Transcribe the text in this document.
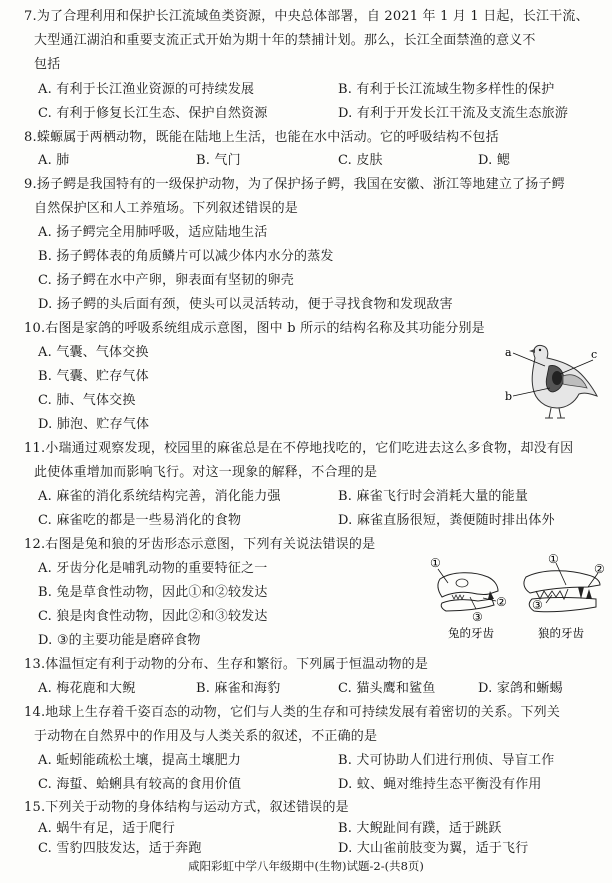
7.为了合理利用和保护长江流域鱼类资源，中央总体部署，自 2021 年 1 月 1 日起，长江干流、
大型通江湖泊和重要支流正式开始为期十年的禁捕计划。那么，长江全面禁渔的意义不
包括
A. 有利于长江渔业资源的可持续发展	B. 有利于长江流域生物多样性的保护
C. 有利于修复长江生态、保护自然资源	D. 有利于开发长江干流及支流生态旅游
8.蝾螈属于两栖动物，既能在陆地上生活，也能在水中活动。它的呼吸结构不包括
A. 肺	B. 气门	C. 皮肤	D. 鳃
9.扬子鳄是我国特有的一级保护动物，为了保护扬子鳄，我国在安徽、浙江等地建立了扬子鳄
自然保护区和人工养殖场。下列叙述错误的是
A. 扬子鳄完全用肺呼吸，适应陆地生活
B. 扬子鳄体表的角质鳞片可以减少体内水分的蒸发
C. 扬子鳄在水中产卵，卵表面有坚韧的卵壳
D. 扬子鳄的头后面有颈，使头可以灵活转动，便于寻找食物和发现敌害
10.右图是家鸽的呼吸系统组成示意图，图中 b 所示的结构名称及其功能分别是
A. 气囊、气体交换
B. 气囊、贮存气体
C. 肺、气体交换
D. 肺泡、贮存气体
a
b
c
11.小瑞通过观察发现，校园里的麻雀总是在不停地找吃的，它们吃进去这么多食物，却没有因
此使体重增加而影响飞行。对这一现象的解释，不合理的是
A. 麻雀的消化系统结构完善，消化能力强	B. 麻雀飞行时会消耗大量的能量
C. 麻雀吃的都是一些易消化的食物	D. 麻雀直肠很短，粪便随时排出体外
12.右图是兔和狼的牙齿形态示意图，下列有关说法错误的是
A. 牙齿分化是哺乳动物的重要特征之一
B. 兔是草食性动物，因此①和②较发达
C. 狼是肉食性动物，因此②和③较发达
D. ③的主要功能是磨碎食物
①
②
③
兔的牙齿
①
②
③
狼的牙齿
13.体温恒定有利于动物的分布、生存和繁衍。下列属于恒温动物的是
A. 梅花鹿和大鲵	B. 麻雀和海豹	C. 猫头鹰和鲨鱼	D. 家鸽和蜥蜴
14.地球上生存着千姿百态的动物，它们与人类的生存和可持续发展有着密切的关系。下列关
于动物在自然界中的作用及与人类关系的叙述，不正确的是
A. 蚯蚓能疏松土壤，提高土壤肥力	B. 犬可协助人们进行刑侦、导盲工作
C. 海蜇、蛤蜊具有较高的食用价值	D. 蚊、蝇对维持生态平衡没有作用
15.下列关于动物的身体结构与运动方式，叙述错误的是
A. 蜗牛有足，适于爬行	B. 大鲵趾间有蹼，适于跳跃
C. 雪豹四肢发达，适于奔跑	D. 大山雀前肢变为翼，适于飞行
咸阳彩虹中学八年级期中(生物)试题-2-(共8页)
